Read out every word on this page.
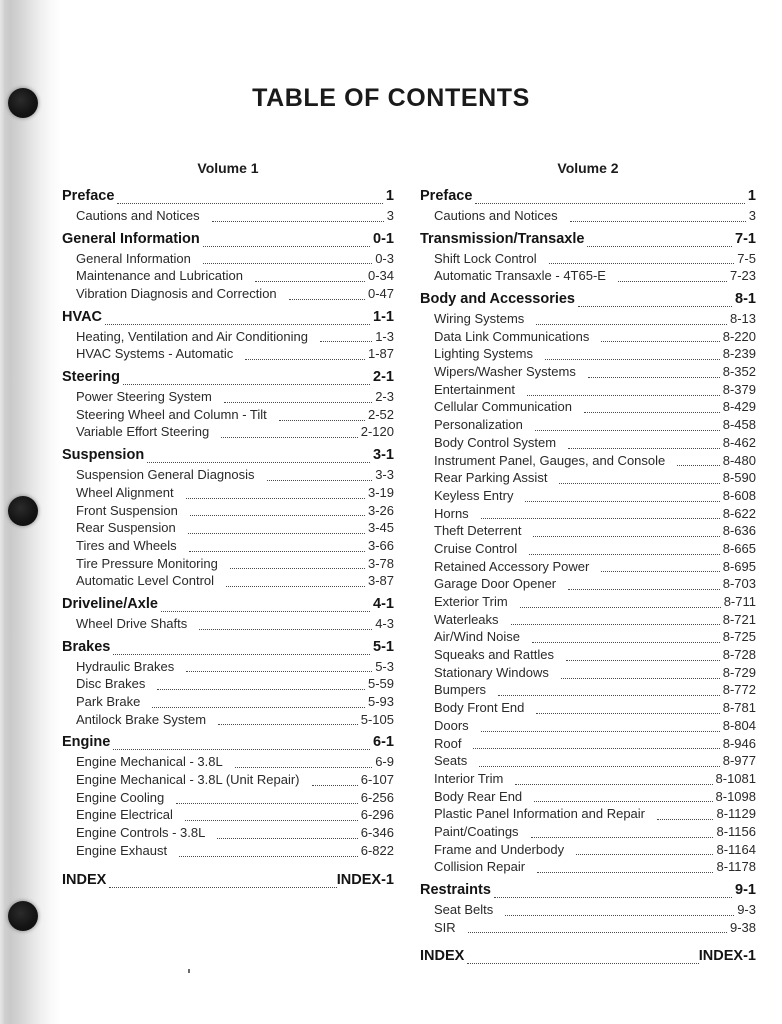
TABLE OF CONTENTS
Volume 1
Preface	1
Cautions and Notices	3
General Information	0-1
General Information	0-3
Maintenance and Lubrication	0-34
Vibration Diagnosis and Correction	0-47
HVAC	1-1
Heating, Ventilation and Air Conditioning	1-3
HVAC Systems - Automatic	1-87
Steering	2-1
Power Steering System	2-3
Steering Wheel and Column - Tilt	2-52
Variable Effort Steering	2-120
Suspension	3-1
Suspension General Diagnosis	3-3
Wheel Alignment	3-19
Front Suspension	3-26
Rear Suspension	3-45
Tires and Wheels	3-66
Tire Pressure Monitoring	3-78
Automatic Level Control	3-87
Driveline/Axle	4-1
Wheel Drive Shafts	4-3
Brakes	5-1
Hydraulic Brakes	5-3
Disc Brakes	5-59
Park Brake	5-93
Antilock Brake System	5-105
Engine	6-1
Engine Mechanical - 3.8L	6-9
Engine Mechanical - 3.8L (Unit Repair)	6-107
Engine Cooling	6-256
Engine Electrical	6-296
Engine Controls - 3.8L	6-346
Engine Exhaust	6-822
INDEX	INDEX-1
Volume 2
Preface	1
Cautions and Notices	3
Transmission/Transaxle	7-1
Shift Lock Control	7-5
Automatic Transaxle - 4T65-E	7-23
Body and Accessories	8-1
Wiring Systems	8-13
Data Link Communications	8-220
Lighting Systems	8-239
Wipers/Washer Systems	8-352
Entertainment	8-379
Cellular Communication	8-429
Personalization	8-458
Body Control System	8-462
Instrument Panel, Gauges, and Console	8-480
Rear Parking Assist	8-590
Keyless Entry	8-608
Horns	8-622
Theft Deterrent	8-636
Cruise Control	8-665
Retained Accessory Power	8-695
Garage Door Opener	8-703
Exterior Trim	8-711
Waterleaks	8-721
Air/Wind Noise	8-725
Squeaks and Rattles	8-728
Stationary Windows	8-729
Bumpers	8-772
Body Front End	8-781
Doors	8-804
Roof	8-946
Seats	8-977
Interior Trim	8-1081
Body Rear End	8-1098
Plastic Panel Information and Repair	8-1129
Paint/Coatings	8-1156
Frame and Underbody	8-1164
Collision Repair	8-1178
Restraints	9-1
Seat Belts	9-3
SIR	9-38
INDEX	INDEX-1
